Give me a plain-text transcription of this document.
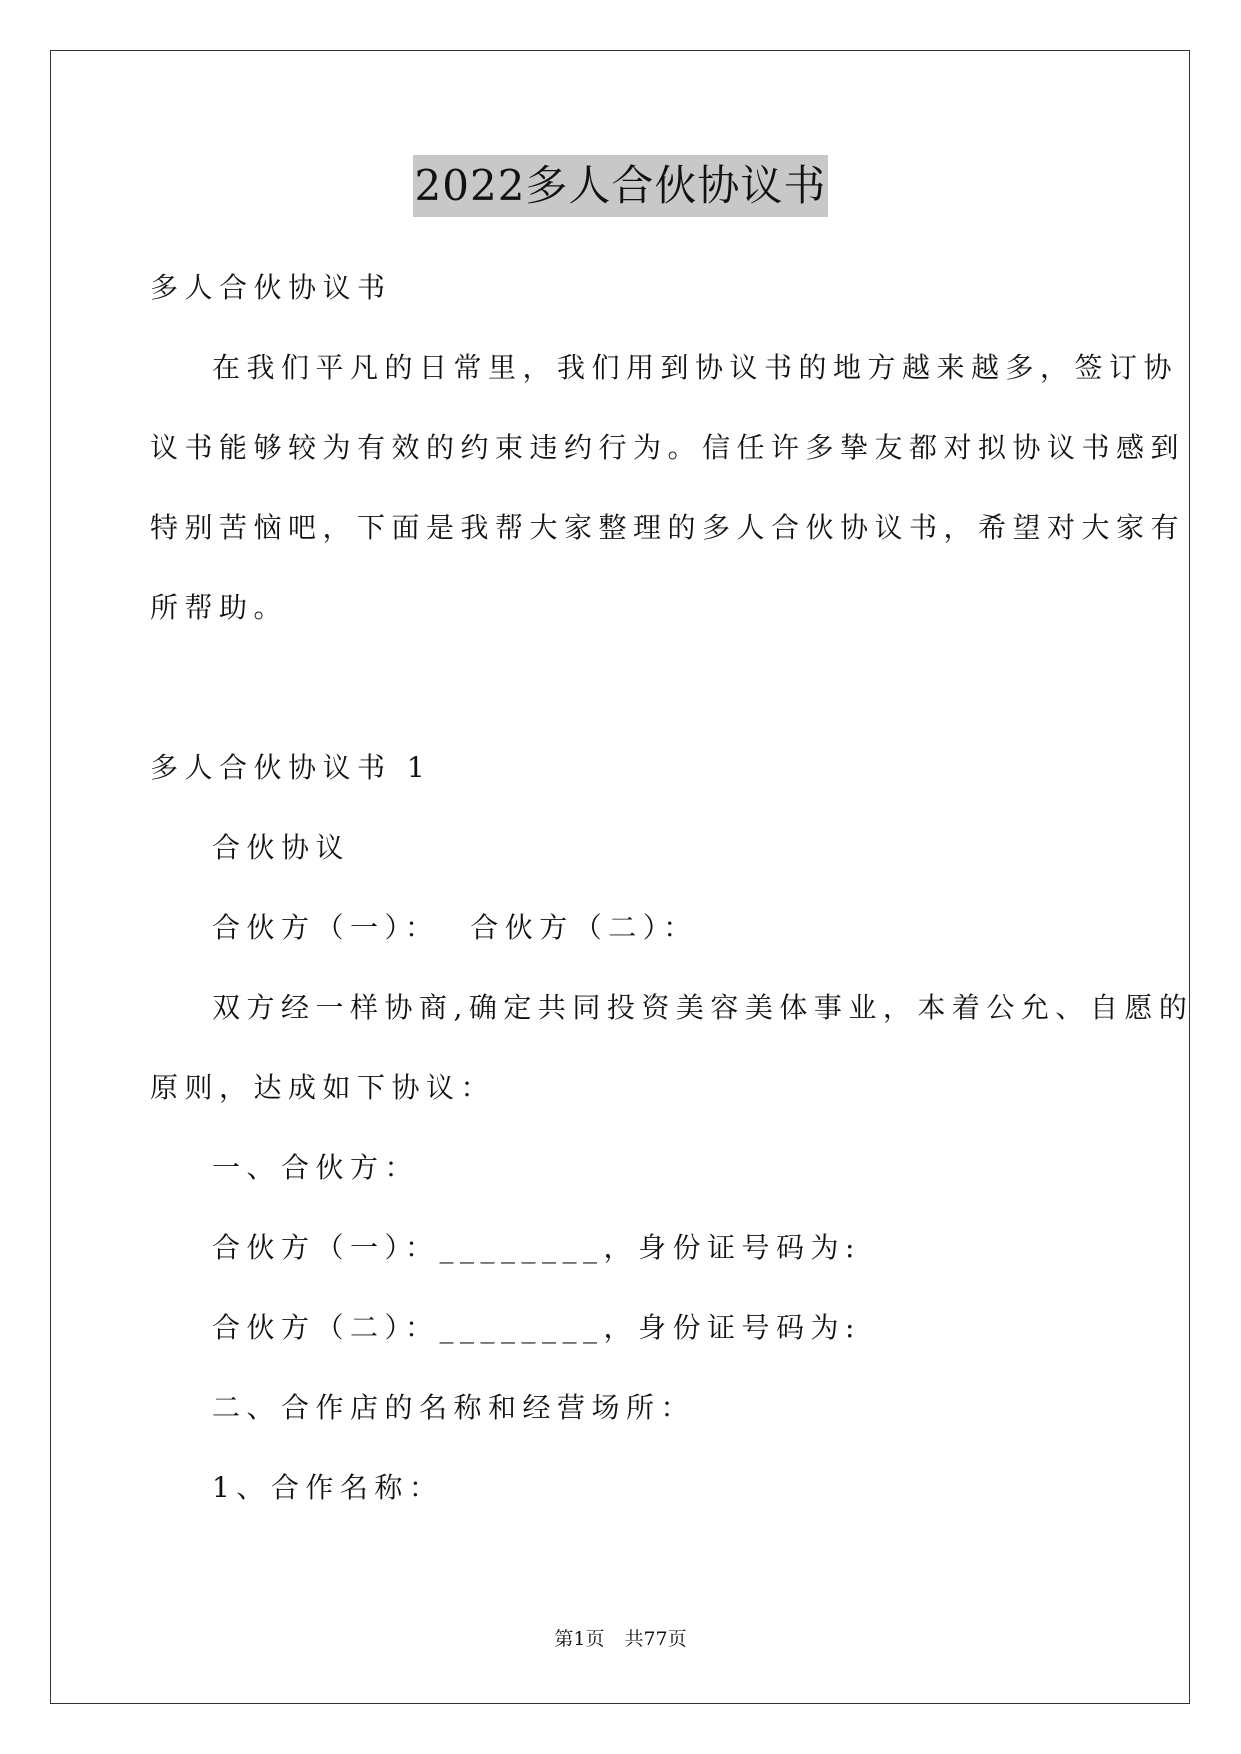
2022多人合伙协议书
多人合伙协议书
在我们平凡的日常里，我们用到协议书的地方越来越多，签订协
议书能够较为有效的约束违约行为。信任许多挚友都对拟协议书感到
特别苦恼吧，下面是我帮大家整理的多人合伙协议书，希望对大家有
所帮助。
多人合伙协议书 1
合伙协议
合伙方（一）：  合伙方（二）：
双方经一样协商,确定共同投资美容美体事业，本着公允、自愿的
原则，达成如下协议：
一、合伙方：
合伙方（一）：________，身份证号码为:
合伙方（二）：________，身份证号码为:
二、合作店的名称和经营场所：
1、合作名称：
第1页 共77页
